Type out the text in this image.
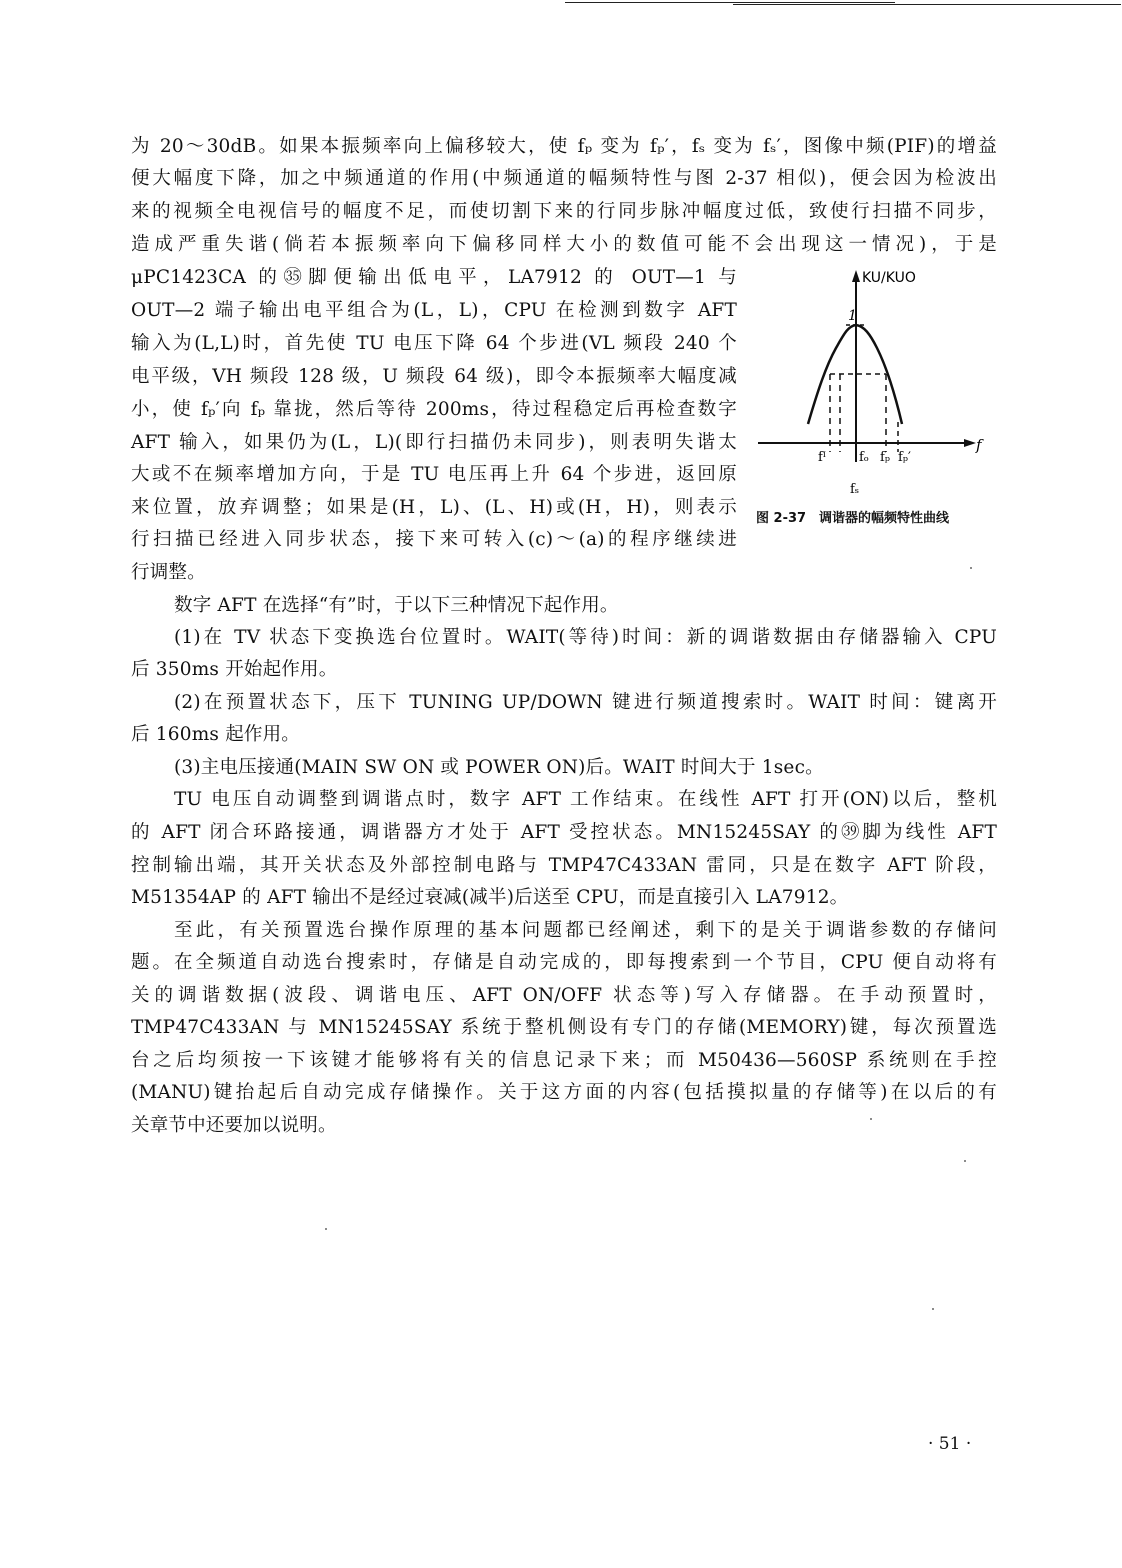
为 20～30dB。如果本振频率向上偏移较大，使 fₚ 变为 fₚ′，fₛ 变为 fₛ′，图像中频(PIF)的增益
便大幅度下降，加之中频通道的作用(中频通道的幅频特性与图 2-37 相似)，便会因为检波出
来的视频全电视信号的幅度不足，而使切割下来的行同步脉冲幅度过低，致使行扫描不同步，
造成严重失谐(倘若本振频率向下偏移同样大小的数值可能不会出现这一情况)，于是
μPC1423CA 的㉟脚便输出低电平，LA7912 的 OUT—1 与
OUT—2 端子输出电平组合为(L，L)，CPU 在检测到数字 AFT
输入为(L,L)时，首先使 TU 电压下降 64 个步进(VL 频段 240 个
电平级，VH 频段 128 级，U 频段 64 级)，即令本振频率大幅度减
小，使 fₚ′向 fₚ 靠拢，然后等待 200ms，待过程稳定后再检查数字
AFT 输入，如果仍为(L，L)(即行扫描仍未同步)，则表明失谐太
大或不在频率增加方向，于是 TU 电压再上升 64 个步进，返回原
来位置，放弃调整；如果是(H，L)、(L、H)或(H，H)，则表示
行扫描已经进入同步状态，接下来可转入(c)～(a)的程序继续进
行调整。
数字 AFT 在选择“有”时，于以下三种情况下起作用。
(1)在 TV 状态下变换选台位置时。WAIT(等待)时间：新的调谐数据由存储器输入 CPU
后 350ms 开始起作用。
(2)在预置状态下，压下 TUNING UP/DOWN 键进行频道搜索时。WAIT 时间：键离开
后 160ms 起作用。
(3)主电压接通(MAIN SW ON 或 POWER ON)后。WAIT 时间大于 1sec。
TU 电压自动调整到调谐点时，数字 AFT 工作结束。在线性 AFT 打开(ON)以后，整机
的 AFT 闭合环路接通，调谐器方才处于 AFT 受控状态。MN15245SAY 的㊴脚为线性 AFT
控制输出端，其开关状态及外部控制电路与 TMP47C433AN 雷同，只是在数字 AFT 阶段，
M51354AP 的 AFT 输出不是经过衰减(减半)后送至 CPU，而是直接引入 LA7912。
至此，有关预置选台操作原理的基本问题都已经阐述，剩下的是关于调谐参数的存储问
题。在全频道自动选台搜索时，存储是自动完成的，即每搜索到一个节目，CPU 便自动将有
关的调谐数据(波段、调谐电压、AFT ON/OFF 状态等)写入存储器。在手动预置时，
TMP47C433AN 与 MN15245SAY 系统于整机侧设有专门的存储(MEMORY)键，每次预置选
台之后均须按一下该键才能够将有关的信息记录下来；而 M50436—560SP 系统则在手控
(MANU)键抬起后自动完成存储操作。关于这方面的内容(包括摸拟量的存储等)在以后的有
关章节中还要加以说明。
KU/KUO
f
1
fᴵ	fₒ fₚ fₚ′
fₛ
图 2-37　调谐器的幅频特性曲线
· 51 ·
